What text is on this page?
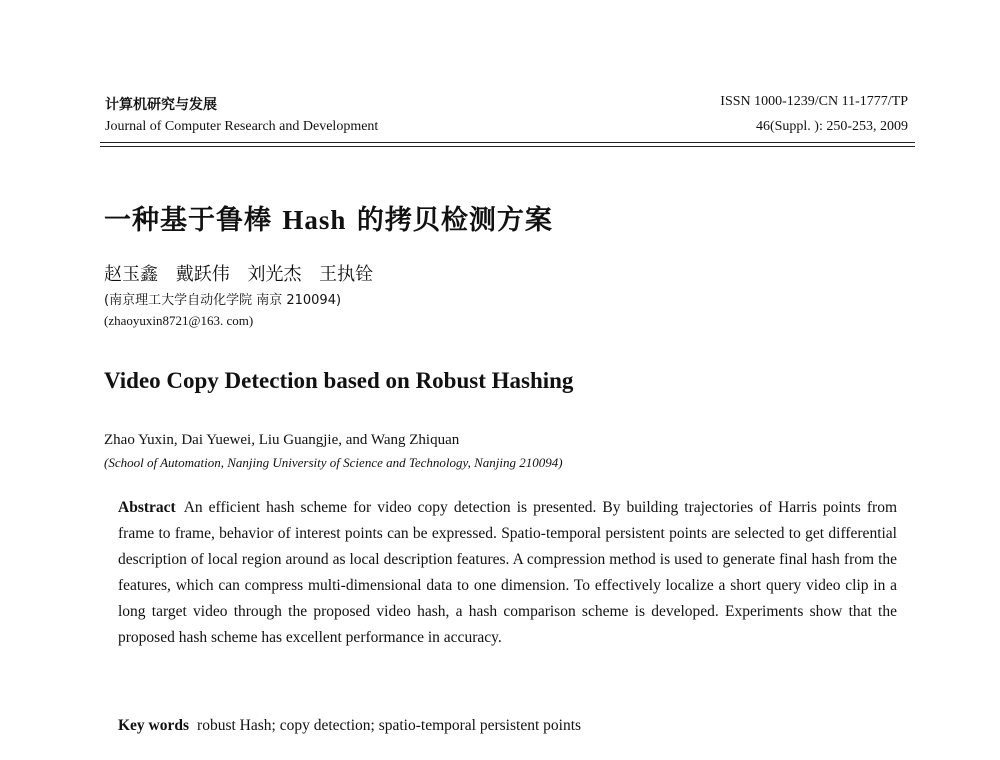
计算机研究与发展
Journal of Computer Research and Development
ISSN 1000-1239/CN 11-1777/TP
46(Suppl. ): 250-253, 2009
一种基于鲁棒 Hash 的拷贝检测方案
赵玉鑫 戴跃伟 刘光杰 王执铨
(南京理工大学自动化学院 南京 210094)
(zhaoyuxin8721@163. com)
Video Copy Detection based on Robust Hashing
Zhao Yuxin, Dai Yuewei, Liu Guangjie, and Wang Zhiquan
(School of Automation, Nanjing University of Science and Technology, Nanjing 210094)
Abstract An efficient hash scheme for video copy detection is presented. By building trajectories of Harris points from frame to frame, behavior of interest points can be expressed. Spatio-temporal persistent points are selected to get differential description of local region around as local description features. A compression method is used to generate final hash from the features, which can compress multi-dimensional data to one dimension. To effectively localize a short query video clip in a long target video through the proposed video hash, a hash comparison scheme is developed. Experiments show that the proposed hash scheme has excellent performance in accuracy.
Key words robust Hash; copy detection; spatio-temporal persistent points
